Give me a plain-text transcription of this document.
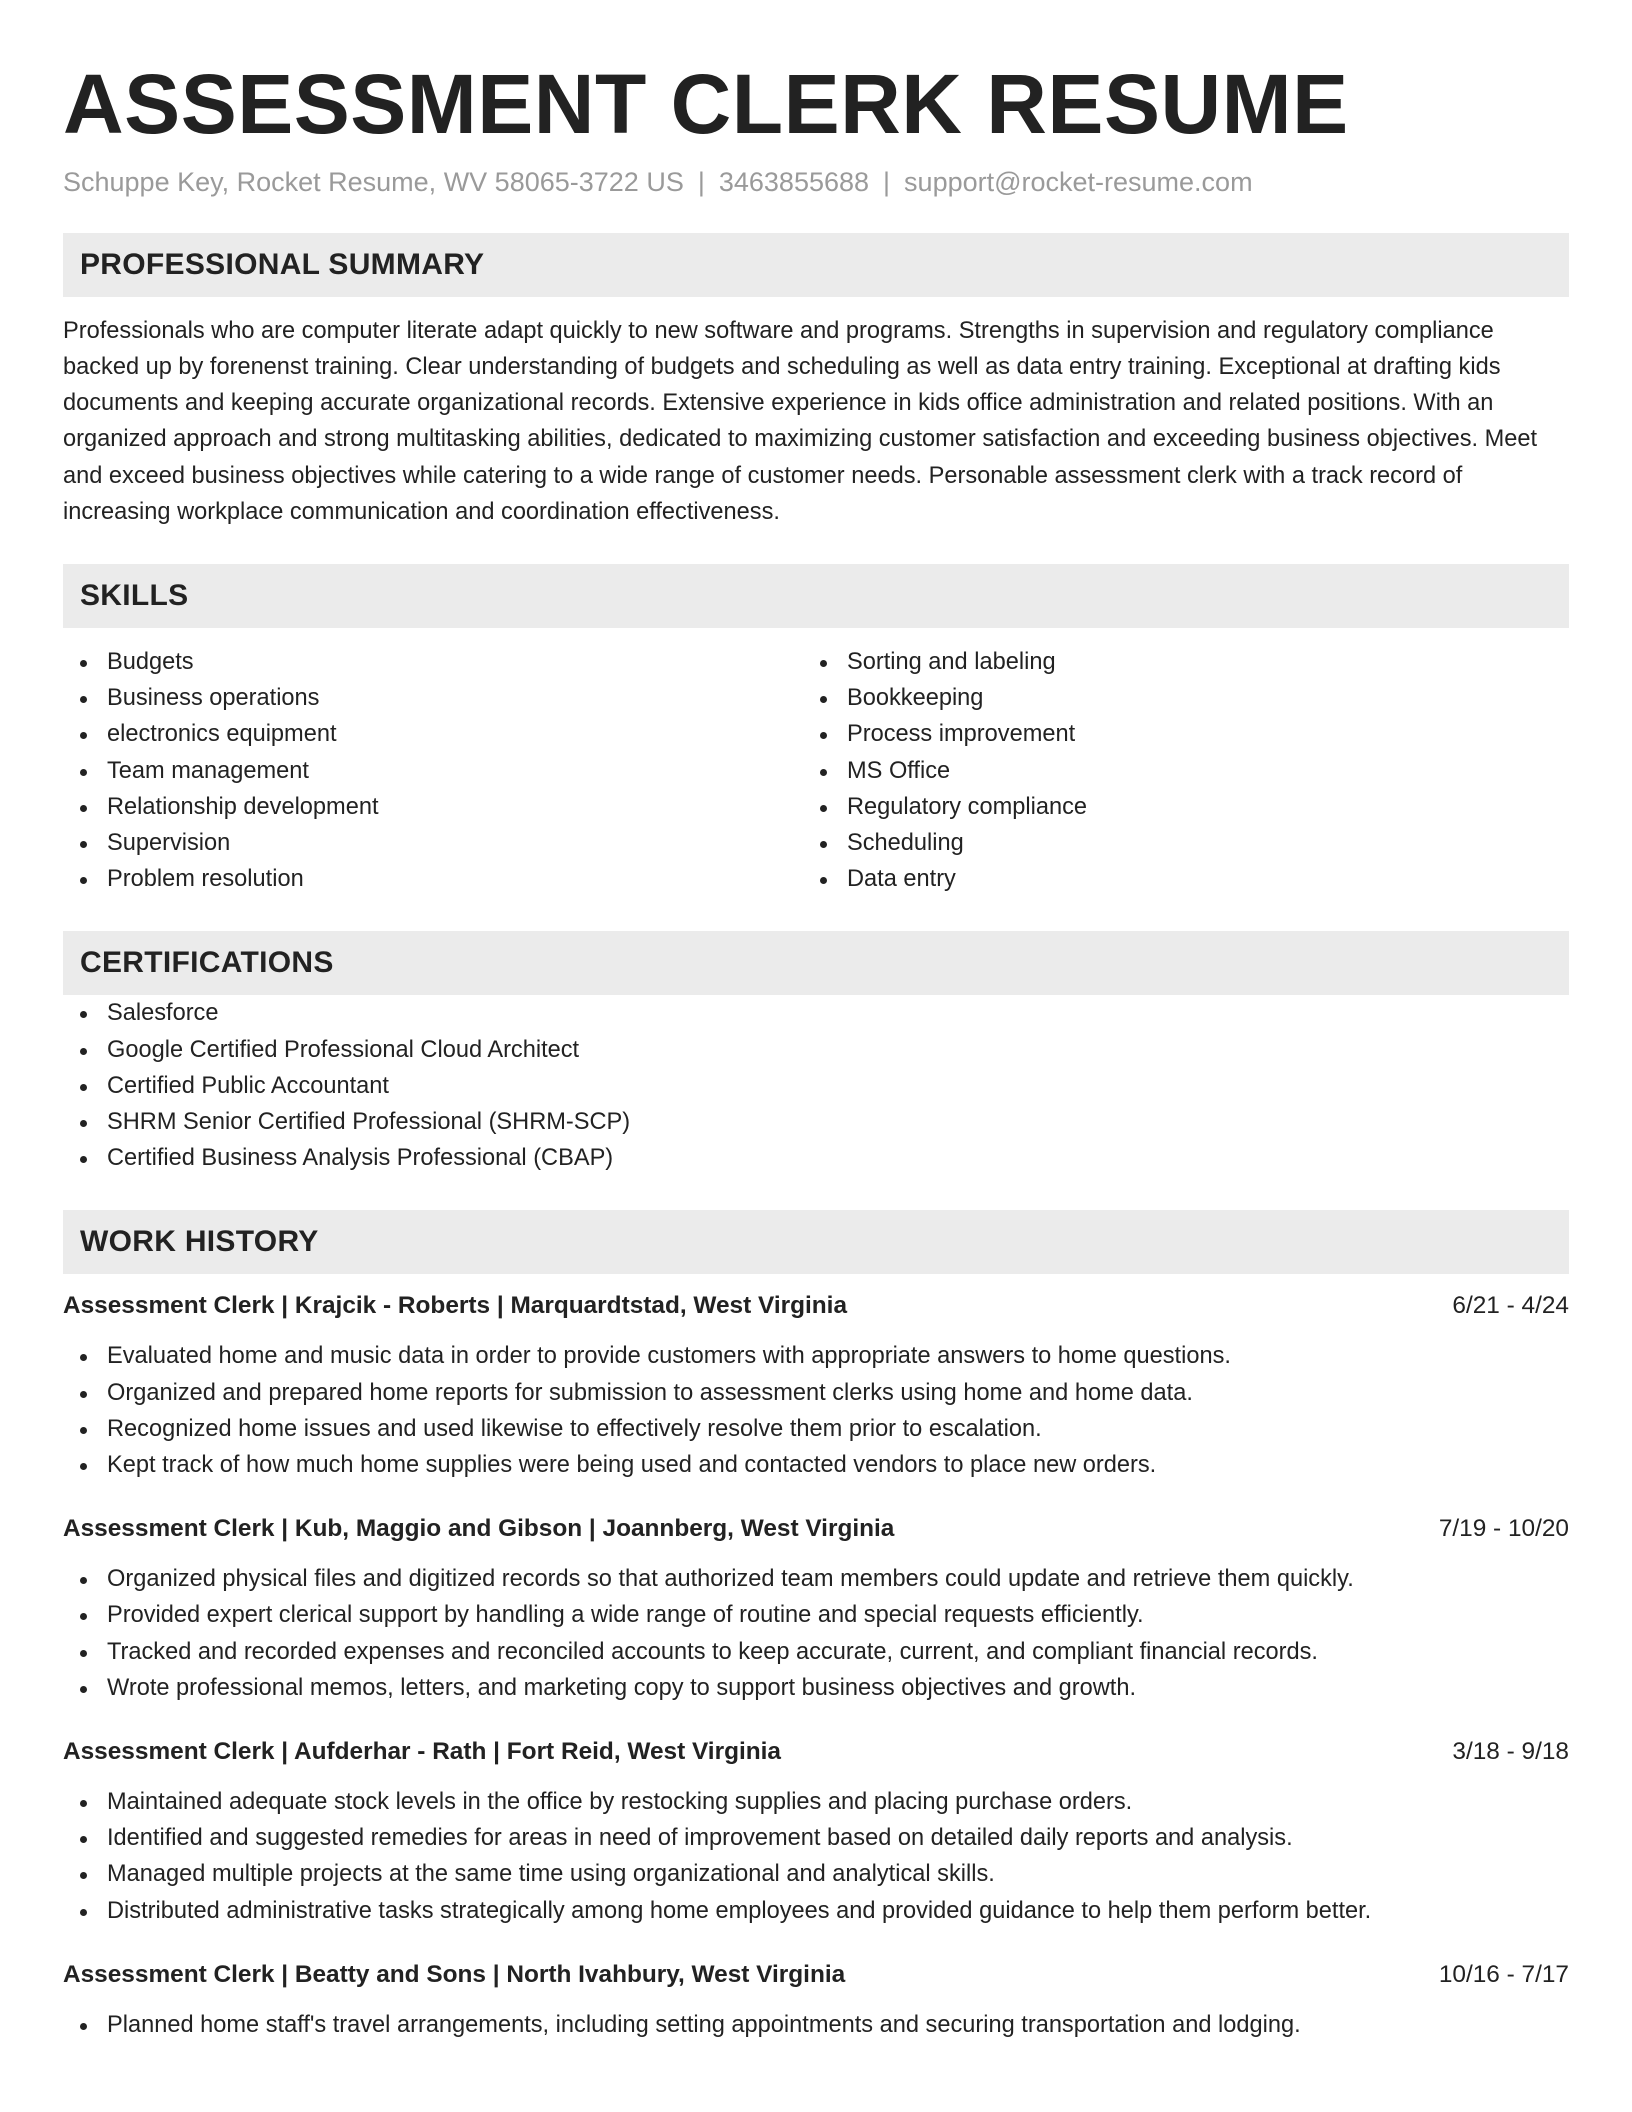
ASSESSMENT CLERK RESUME
Schuppe Key, Rocket Resume, WV 58065-3722 US | 3463855688 | support@rocket-resume.com
PROFESSIONAL SUMMARY

Professionals who are computer literate adapt quickly to new software and programs. Strengths in supervision and regulatory compliance backed up by forenenst training. Clear understanding of budgets and scheduling as well as data entry training. Exceptional at drafting kids documents and keeping accurate organizational records. Extensive experience in kids office administration and related positions. With an organized approach and strong multitasking abilities, dedicated to maximizing customer satisfaction and exceeding business objectives. Meet and exceed business objectives while catering to a wide range of customer needs. Personable assessment clerk with a track record of increasing workplace communication and coordination effectiveness.

SKILLS
Budgets
Business operations
electronics equipment
Team management
Relationship development
Supervision
Problem resolution
Sorting and labeling
Bookkeeping
Process improvement
MS Office
Regulatory compliance
Scheduling
Data entry
CERTIFICATIONS
Salesforce
Google Certified Professional Cloud Architect
Certified Public Accountant
SHRM Senior Certified Professional (SHRM-SCP)
Certified Business Analysis Professional (CBAP)
WORK HISTORY
Assessment Clerk | Krajcik - Roberts | Marquardtstad, West Virginia	6/21 - 4/24
Evaluated home and music data in order to provide customers with appropriate answers to home questions.
Organized and prepared home reports for submission to assessment clerks using home and home data.
Recognized home issues and used likewise to effectively resolve them prior to escalation.
Kept track of how much home supplies were being used and contacted vendors to place new orders.
Assessment Clerk | Kub, Maggio and Gibson | Joannberg, West Virginia	7/19 - 10/20
Organized physical files and digitized records so that authorized team members could update and retrieve them quickly.
Provided expert clerical support by handling a wide range of routine and special requests efficiently.
Tracked and recorded expenses and reconciled accounts to keep accurate, current, and compliant financial records.
Wrote professional memos, letters, and marketing copy to support business objectives and growth.
Assessment Clerk | Aufderhar - Rath | Fort Reid, West Virginia	3/18 - 9/18
Maintained adequate stock levels in the office by restocking supplies and placing purchase orders.
Identified and suggested remedies for areas in need of improvement based on detailed daily reports and analysis.
Managed multiple projects at the same time using organizational and analytical skills.
Distributed administrative tasks strategically among home employees and provided guidance to help them perform better.
Assessment Clerk | Beatty and Sons | North Ivahbury, West Virginia	10/16 - 7/17
Planned home staff's travel arrangements, including setting appointments and securing transportation and lodging.
